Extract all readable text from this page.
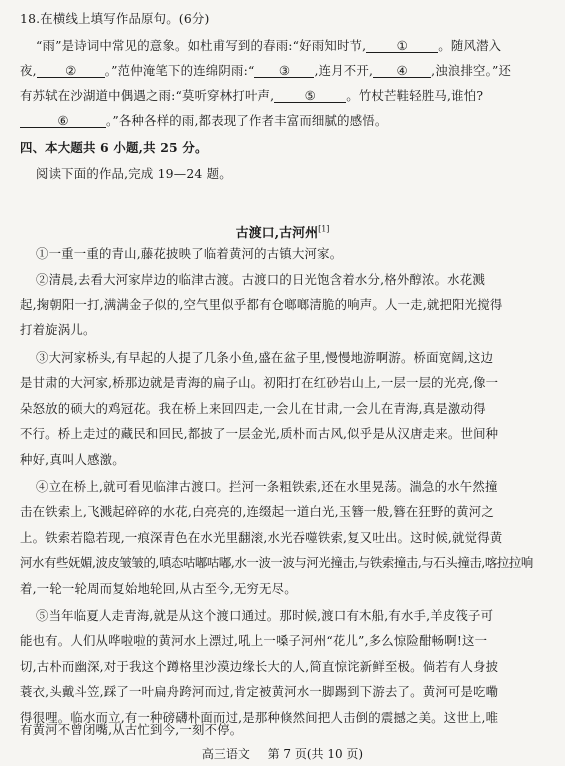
18.在横线上填写作品原句。(6分)
“雨”是诗词中常见的意象。如杜甫写到的春雨:“好雨知时节, ① 。随风潜入
夜, ② 。”范仲淹笔下的连绵阴雨:“ ③ ,连月不开, ④ ,浊浪排空。”还
有苏轼在沙湖道中偶遇之雨:“莫听穿林打叶声, ⑤ 。竹杖芒鞋轻胜马,谁怕?
⑥	。”各种各样的雨,都表现了作者丰富而细腻的感悟。
四、本大题共 6 小题,共 25 分。
阅读下面的作品,完成 19—24 题。
古渡口,古河州[1]
①一重一重的青山,藤花披映了临着黄河的古镇大河家。
②清晨,去看大河家岸边的临津古渡。古渡口的日光饱含着水分,格外醇浓。水花溅
起,掬朝阳一打,满满金子似的,空气里似乎都有仓啷啷清脆的响声。人一走,就把阳光搅得
打着旋涡儿。
③大河家桥头,有早起的人提了几条小鱼,盛在盆子里,慢慢地游啊游。桥面宽阔,这边
是甘肃的大河家,桥那边就是青海的扁子山。初阳打在红砂岩山上,一层一层的光亮,像一
朵怒放的硕大的鸡冠花。我在桥上来回四走,一会儿在甘肃,一会儿在青海,真是激动得
不行。桥上走过的藏民和回民,都披了一层金光,质朴而古风,似乎是从汉唐走来。世间种
种好,真叫人感激。
④立在桥上,就可看见临津古渡口。拦河一条粗铁索,还在水里晃荡。湍急的水午然撞
击在铁索上,飞溅起碎碎的水花,白亮亮的,连缀起一道白光,玉簪一般,簪在狂野的黄河之
上。铁索若隐若现,一痕深青色在水光里翻滚,水光吞噬铁索,复又吐出。这时候,就觉得黄
河水有些妩媚,波皮皱皱的,嗔态咕嘟咕嘟,水一波一波与河光撞击,与铁索撞击,与石头撞击,喀拉拉响
着,一轮一轮周而复始地轮回,从古至今,无穷无尽。
⑤当年临夏人走青海,就是从这个渡口通过。那时候,渡口有木船,有水手,羊皮筏子可
能也有。人们从哗啦啦的黄河水上漂过,吼上一嗓子河州“花儿”,多么惊险酣畅啊!这一
切,古朴而幽深,对于我这个蹲格里沙漠边缘长大的人,简直惊诧新鲜至极。倘若有人身披
蓑衣,头戴斗笠,踩了一叶扁舟跨河而过,肯定被黄河水一脚踢到下游去了。黄河可是吃嘞
得很哩。临水而立,有一种磅礴朴面而过,是那种倏然间把人击倒的震撼之美。这世上,唯
高三语文 第 7 页(共 10 页)
有黄河不曾闭嘴,从古忙到今,一刻不停。
